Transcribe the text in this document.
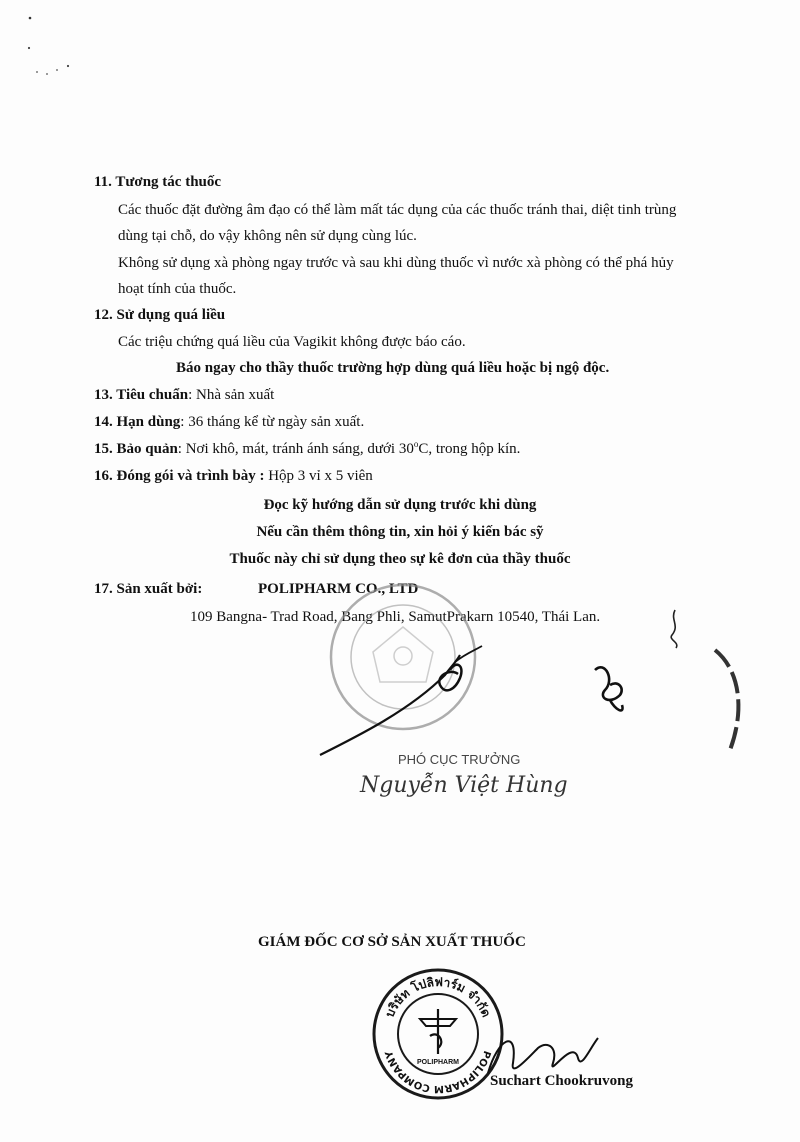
11. Tương tác thuốc
Các thuốc đặt đường âm đạo có thể làm mất tác dụng của các thuốc tránh thai, diệt tinh trùng
dùng tại chỗ, do vậy không nên sử dụng cùng lúc.
Không sử dụng xà phòng ngay trước và sau khi dùng thuốc vì nước xà phòng có thể phá hủy
hoạt tính của thuốc.
12. Sử dụng quá liều
Các triệu chứng quá liều của Vagikit không được báo cáo.
Báo ngay cho thầy thuốc trường hợp dùng quá liều hoặc bị ngộ độc.
13. Tiêu chuẩn: Nhà sản xuất
14. Hạn dùng: 36 tháng kể từ ngày sản xuất.
15. Bảo quản: Nơi khô, mát, tránh ánh sáng, dưới 30$^o$C, trong hộp kín.
16. Đóng gói và trình bày : Hộp 3 vỉ x 5 viên
Đọc kỹ hướng dẫn sử dụng trước khi dùng
Nếu cần thêm thông tin, xin hỏi ý kiến bác sỹ
Thuốc này chỉ sử dụng theo sự kê đơn của thầy thuốc
17. Sản xuất bởi:	POLIPHARM CO., LTD
109 Bangna- Trad Road, Bang Phli, SamutPrakarn 10540, Thái Lan.
PHÓ CỤC TRƯỞNG
Nguyễn Việt Hùng
GIÁM ĐỐC CƠ SỞ SẢN XUẤT THUỐC
บริษัท โปลิฟาร์ม จำกัด
POLIPHARM COMPANY
POLIPHARM
Suchart Chookruvong
